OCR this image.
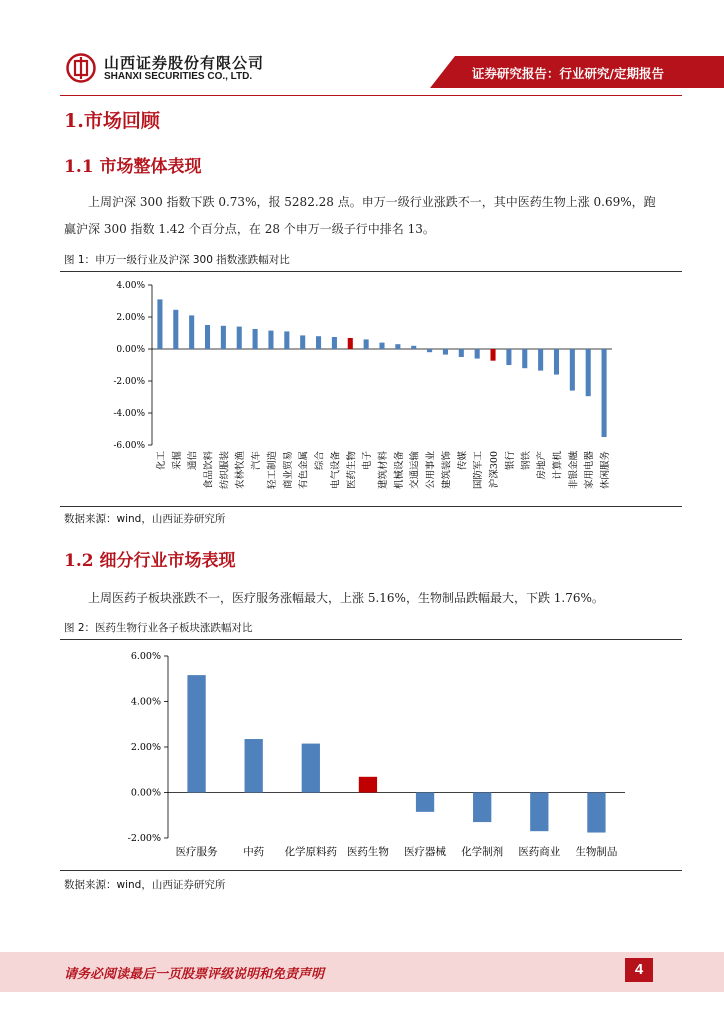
山西证券股份有限公司
SHANXI SECURITIES CO., LTD.	证券研究报告：行业研究/定期报告
1.市场回顾
1.1 市场整体表现
上周沪深 300 指数下跌 0.73%，报 5282.28 点。申万一级行业涨跌不一，其中医药生物上涨 0.69%，跑赢沪深 300 指数 1.42 个百分点，在 28 个申万一级子行中排名 13。
图 1：申万一级行业及沪深 300 指数涨跌幅对比
-6.00%
-4.00%
-2.00%
0.00%
2.00%
4.00%
化工 采掘 通信 食品饮料 纺织服装 农林牧渔 汽车 轻工制造 商业贸易 有色金属 综合 电气设备 医药生物 电子 建筑材料 机械设备 交通运输 公用事业 建筑装饰 传媒 国防军工 沪深300 银行 钢铁 房地产 计算机 非银金融 家用电器 休闲服务
数据来源：wind，山西证券研究所
1.2 细分行业市场表现
上周医药子板块涨跌不一，医疗服务涨幅最大，上涨 5.16%，生物制品跌幅最大，下跌 1.76%。
图 2：医药生物行业各子板块涨跌幅对比
-2.00%
0.00%
2.00%
4.00%
6.00%
医疗服务 中药 化学原料药 医药生物 医疗器械 化学制剂 医药商业 生物制品
数据来源：wind，山西证券研究所
请务必阅读最后一页股票评级说明和免责声明	4
